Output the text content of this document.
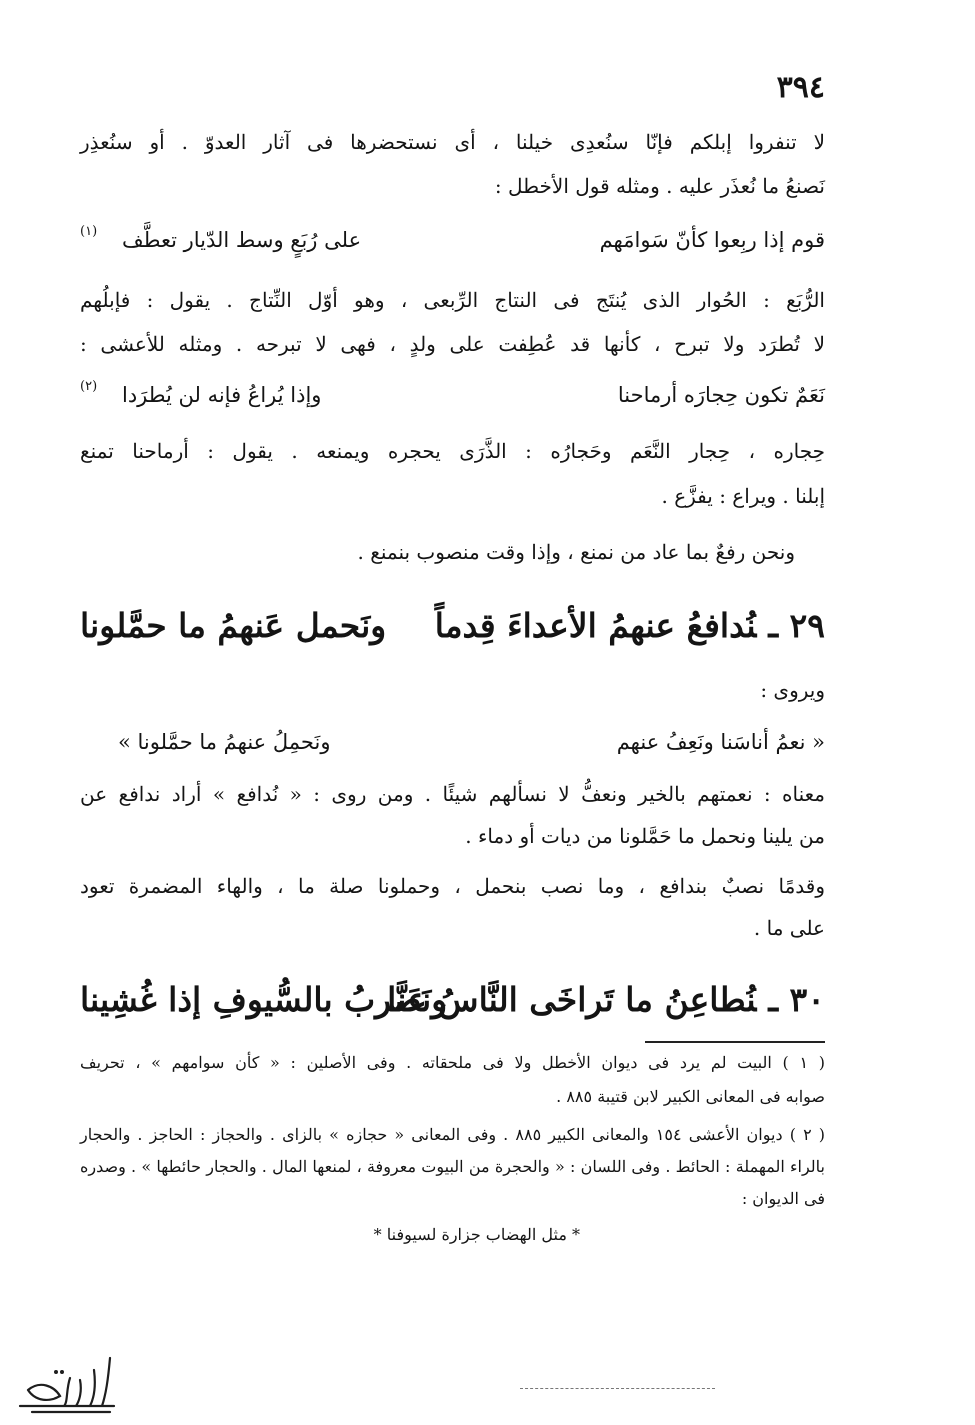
٣٩٤
لا تنفروا إبلكم فإنّا سنُعدِى خيلنا ، أى نستحضرها فى آثار العدوّ . أو سنُعذِر
نَصنعُ ما نُعذَر عليه . ومثله قول الأخطل :
قوم إذا ربِعوا كأنّ سَوامَهم
على رُبَعٍ وسط الدّيار تعطَّف
(١)
الرُّبَع : الحُوار الذى يُنتَج فى النتاج الرِّبعى ، وهو أوّل النِّتاج . يقول : فإبلُهم
لا تُطرَد ولا تبرح ، كأنها قد عُطِفت على ولدٍ ، فهى لا تبرحه . ومثله للأعشى :
نَعَمٌ تكون حِجارَه أرماحنا
وإذا يُراعُ فإنه لن يُطرَدا
(٢)
حِجاره ، حِجار النَّعَم وحَجارُه : الذَّرَى يحجره ويمنعه . يقول : أرماحنا تمنع
إبلنا . ويراع : يفزَّع .
ونحن رفعٌ بما عاد من نمنع ، وإذا وقت منصوب بنمنع .
٢٩ ـنُدافعُ عنهمُ الأعداءَ قِدماً
ونَحمل عَنهمُ ما حمَّلونا
ويروى :
« نعمُ أناسَنا ونَعِفُ عنهم
ونَحمِلُ عنهمُ ما حمَّلونا »
معناه : نعمتهم بالخير ونعفُّ لا نسألهم شيئًا . ومن روى : « نُدافع » أراد ندافع عن
من يلينا ونحمل ما حَمَّلونا من ديات أو دماء .
وقدمًا نصبٌ بندافع ، وما نصب بنحمل ، وحملونا صلة ما ، والهاء المضمرة تعود
على ما .
٣٠ ـنُطاعِنُ ما تَراخَى النَّاسُ عَنَّا
ونَضربُ بالسُّيوفِ إذا غُشِينا
( ١ ) البيت لم يرد فى ديوان الأخطل ولا فى ملحقاته . وفى الأصلين : « كأن سوامهم » ، تحريف
صوابه فى المعانى الكبير لابن قتيبة ٨٨٥ .
( ٢ ) ديوان الأعشى ١٥٤ والمعانى الكبير ٨٨٥ . وفى المعانى « حجازه » بالزاى . والحجاز : الحاجز . والحجار
بالراء المهملة : الحائط . وفى اللسان : « والحجرة من البيوت معروفة ، لمنعها المال . والحجار حائطها » . وصدره
فى الديوان :
* مثل الهضاب جزارة لسيوفنا *
